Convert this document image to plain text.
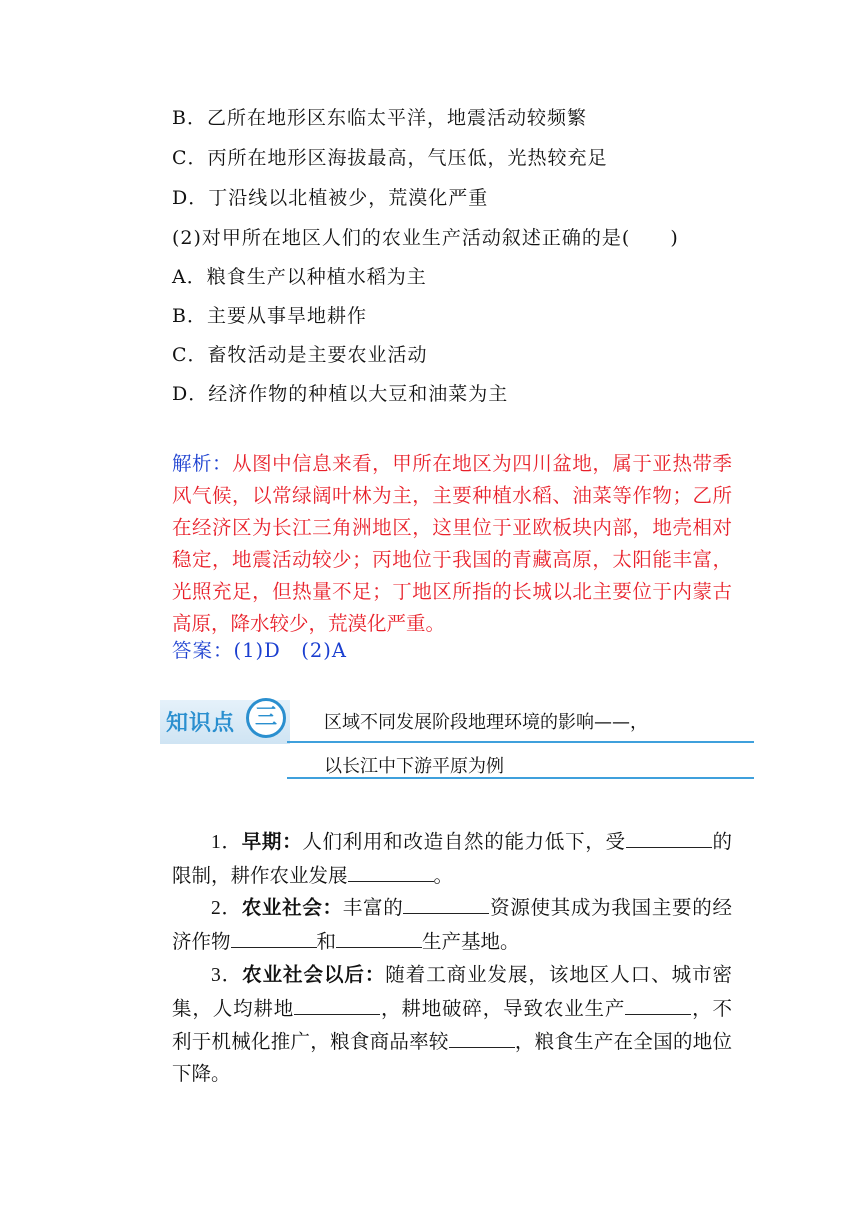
B．乙所在地形区东临太平洋，地震活动较频繁
C．丙所在地形区海拔最高，气压低，光热较充足
D．丁沿线以北植被少，荒漠化严重
(2)对甲所在地区人们的农业生产活动叙述正确的是(　　)
A．粮食生产以种植水稻为主
B．主要从事旱地耕作
C．畜牧活动是主要农业活动
D．经济作物的种植以大豆和油菜为主
解析：从图中信息来看，甲所在地区为四川盆地，属于亚热带季风气候，以常绿阔叶林为主，主要种植水稻、油菜等作物；乙所在经济区为长江三角洲地区，这里位于亚欧板块内部，地壳相对稳定，地震活动较少；丙地位于我国的青藏高原，太阳能丰富，光照充足，但热量不足；丁地区所指的长城以北主要位于内蒙古高原，降水较少，荒漠化严重。
答案：(1)D　(2)A
知识点 三	区域不同发展阶段地理环境的影响——，
以长江中下游平原为例
1．早期：人们利用和改造自然的能力低下，受	的限制，耕作农业发展	。
2．农业社会：丰富的	资源使其成为我国主要的经济作物	和	生产基地。
3．农业社会以后：随着工商业发展，该地区人口、城市密集，人均耕地	，耕地破碎，导致农业生产	，不利于机械化推广，粮食商品率较	，粮食生产在全国的地位下降。
